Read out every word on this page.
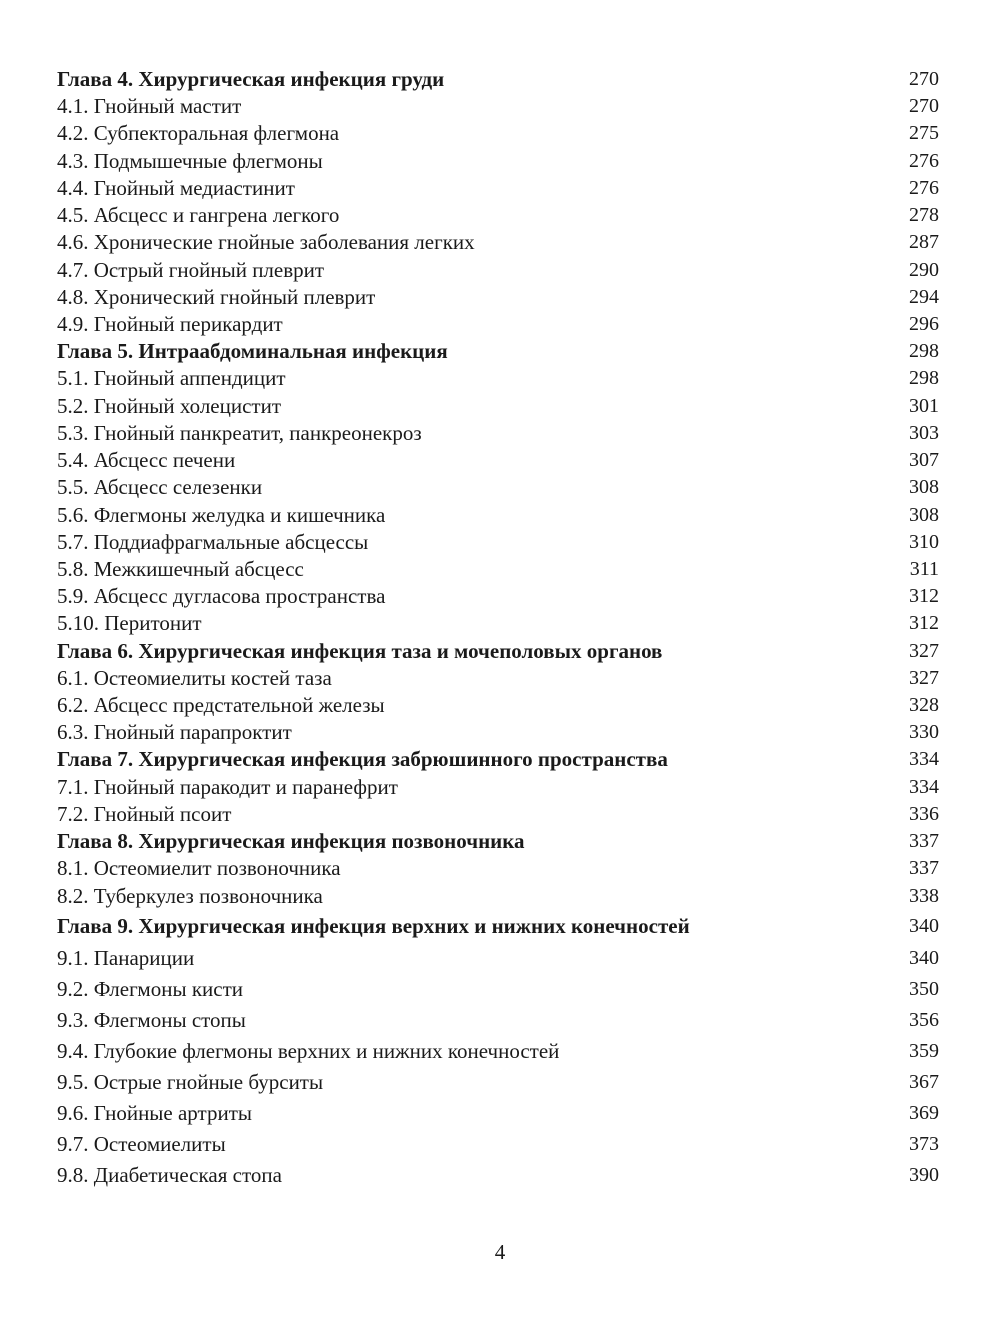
Глава 4. Хирургическая инфекция груди	270
4.1. Гнойный мастит	270
4.2. Субпекторальная флегмона	275
4.3. Подмышечные флегмоны	276
4.4. Гнойный медиастинит	276
4.5. Абсцесс и гангрена легкого	278
4.6. Хронические гнойные заболевания легких	287
4.7. Острый гнойный плеврит	290
4.8. Хронический гнойный плеврит	294
4.9. Гнойный перикардит	296
Глава 5. Интраабдоминальная инфекция	298
5.1. Гнойный аппендицит	298
5.2. Гнойный холецистит	301
5.3. Гнойный панкреатит, панкреонекроз	303
5.4. Абсцесс печени	307
5.5. Абсцесс селезенки	308
5.6. Флегмоны желудка и кишечника	308
5.7. Поддиафрагмальные абсцессы	310
5.8. Межкишечный абсцесс	311
5.9. Абсцесс дугласова пространства	312
5.10. Перитонит	312
Глава 6. Хирургическая инфекция таза и мочеполовых органов	327
6.1. Остеомиелиты костей таза	327
6.2. Абсцесс предстательной железы	328
6.3. Гнойный парапроктит	330
Глава 7. Хирургическая инфекция забрюшинного пространства	334
7.1. Гнойный паракодит и паранефрит	334
7.2. Гнойный псоит	336
Глава 8. Хирургическая инфекция позвоночника	337
8.1. Остеомиелит позвоночника	337
8.2. Туберкулез позвоночника	338
Глава 9. Хирургическая инфекция верхних и нижних конечностей	340
9.1. Панариции	340
9.2. Флегмоны кисти	350
9.3. Флегмоны стопы	356
9.4. Глубокие флегмоны верхних и нижних конечностей	359
9.5. Острые гнойные бурситы	367
9.6. Гнойные артриты	369
9.7. Остеомиелиты	373
9.8. Диабетическая стопа	390
4
